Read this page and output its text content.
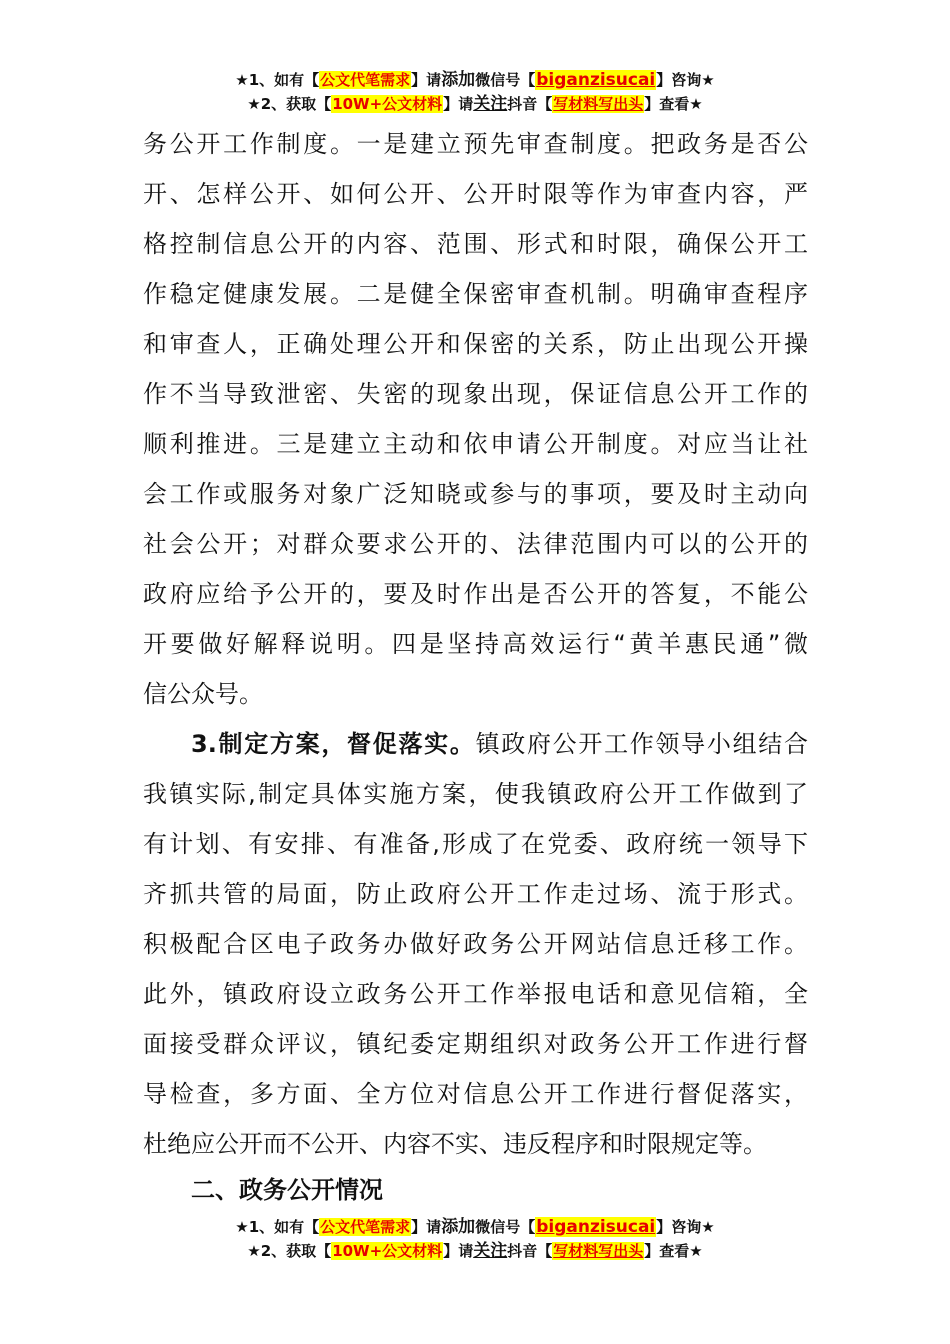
★1、如有【公文代笔需求】请添加微信号【biganzisucai】咨询★
★2、获取【10W+公文材料】请关注抖音【写材料写出头】查看★
务公开工作制度。一是建立预先审查制度。把政务是否公
开、怎样公开、如何公开、公开时限等作为审查内容，严
格控制信息公开的内容、范围、形式和时限，确保公开工
作稳定健康发展。二是健全保密审查机制。明确审查程序
和审查人，正确处理公开和保密的关系，防止出现公开操
作不当导致泄密、失密的现象出现，保证信息公开工作的
顺利推进。三是建立主动和依申请公开制度。对应当让社
会工作或服务对象广泛知晓或参与的事项，要及时主动向
社会公开；对群众要求公开的、法律范围内可以的公开的
政府应给予公开的，要及时作出是否公开的答复，不能公
开要做好解释说明。四是坚持高效运行“黄羊惠民通”微
信公众号。
3.制定方案，督促落实。镇政府公开工作领导小组结合
我镇实际,制定具体实施方案，使我镇政府公开工作做到了
有计划、有安排、有准备,形成了在党委、政府统一领导下
齐抓共管的局面，防止政府公开工作走过场、流于形式。
积极配合区电子政务办做好政务公开网站信息迁移工作。
此外，镇政府设立政务公开工作举报电话和意见信箱，全
面接受群众评议，镇纪委定期组织对政务公开工作进行督
导检查，多方面、全方位对信息公开工作进行督促落实，
杜绝应公开而不公开、内容不实、违反程序和时限规定等。
二、政务公开情况
★1、如有【公文代笔需求】请添加微信号【biganzisucai】咨询★
★2、获取【10W+公文材料】请关注抖音【写材料写出头】查看★
